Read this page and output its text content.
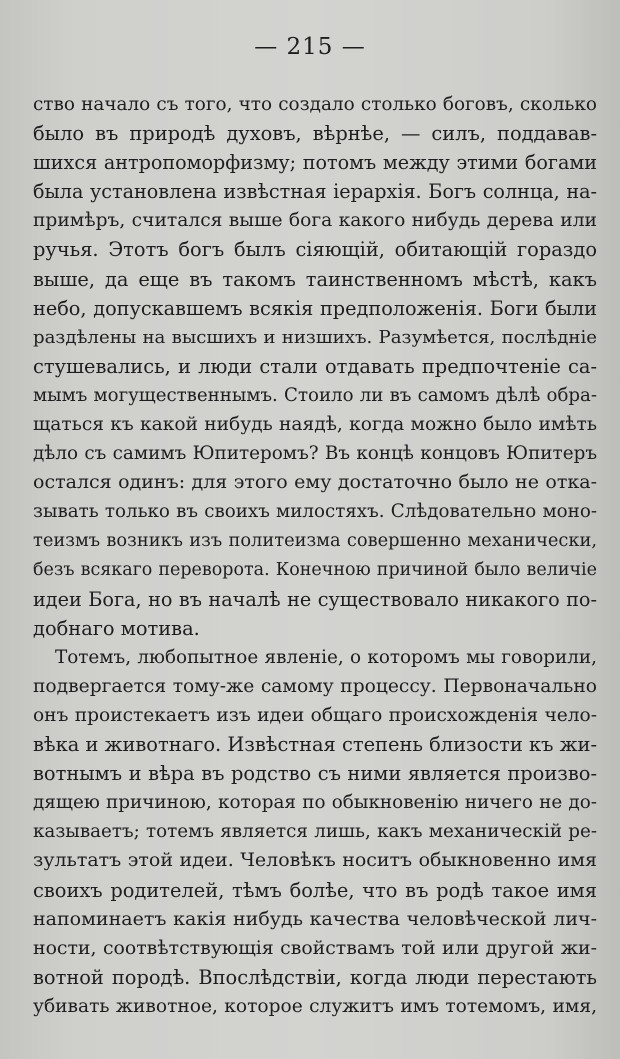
— 215 —
ство начало съ того, что создало столько боговъ, сколько
было въ природѣ духовъ, вѣрнѣе, — силъ, поддавав-
шихся антропоморфизму; потомъ между этими богами
была установлена извѣстная іерархія. Богъ солнца, на-
примѣръ, считался выше бога какого нибудь дерева или
ручья. Этотъ богъ былъ сіяющій, обитающій гораздо
выше, да еще въ такомъ таинственномъ мѣстѣ, какъ
небо, допускавшемъ всякія предположенія. Боги были
раздѣлены на высшихъ и низшихъ. Разумѣется, послѣдніе
стушевались, и люди стали отдавать предпочтеніе са-
мымъ могущественнымъ. Стоило ли въ самомъ дѣлѣ обра-
щаться къ какой нибудь наядѣ, когда можно было имѣть
дѣло съ самимъ Юпитеромъ? Въ концѣ концовъ Юпитеръ
остался одинъ: для этого ему достаточно было не отка-
зывать только въ своихъ милостяхъ. Слѣдовательно моно-
теизмъ возникъ изъ политеизма совершенно механически,
безъ всякаго переворота. Конечною причиной было величіе
идеи Бога, но въ началѣ не существовало никакого по-
добнаго мотива.
Тотемъ, любопытное явленіе, о которомъ мы говорили,
подвергается тому-же самому процессу. Первоначально
онъ проистекаетъ изъ идеи общаго происхожденія чело-
вѣка и животнаго. Извѣстная степень близости къ жи-
вотнымъ и вѣра въ родство съ ними является произво-
дящею причиною, которая по обыкновенію ничего не до-
казываетъ; тотемъ является лишь, какъ механическій ре-
зультатъ этой идеи. Человѣкъ носитъ обыкновенно имя
своихъ родителей, тѣмъ болѣе, что въ родѣ такое имя
напоминаетъ какія нибудь качества человѣческой лич-
ности, соотвѣтствующія свойствамъ той или другой жи-
вотной породѣ. Впослѣдствіи, когда люди перестають
убивать животное, которое служитъ имъ тотемомъ, имя,
